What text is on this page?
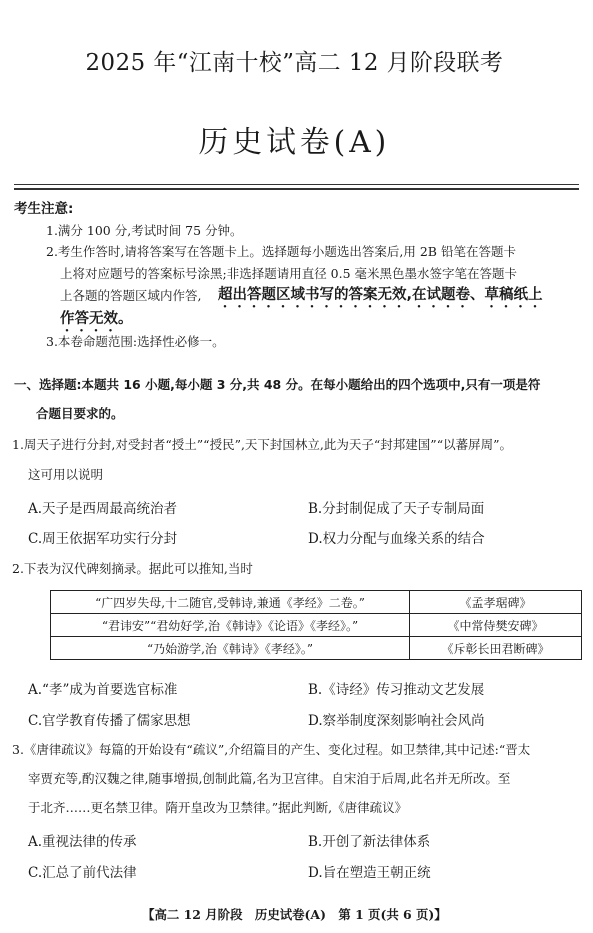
2025 年“江南十校”高二 12 月阶段联考
历史试卷(A)
考生注意:
1.满分 100 分,考试时间 75 分钟。
2.考生作答时,请将答案写在答题卡上。选择题每小题选出答案后,用 2B 铅笔在答题卡
上将对应题号的答案标号涂黑;非选择题请用直径 0.5 毫米黑色墨水签字笔在答题卡
上各题的答题区域内作答, 超出答题区域书写的答案无效,在试题卷、草稿纸上
作答无效。
3.本卷命题范围:选择性必修一。
一、选择题:本题共 16 小题,每小题 3 分,共 48 分。在每小题给出的四个选项中,只有一项是符
合题目要求的。
1.周天子进行分封,对受封者“授土”“授民”,天下封国林立,此为天子“封邦建国”“以蕃屏周”。
这可用以说明
A.天子是西周最高统治者	B.分封制促成了天子专制局面
C.周王依据军功实行分封	D.权力分配与血缘关系的结合
2.下表为汉代碑刻摘录。据此可以推知,当时
“广四岁失母,十二随官,受韩诗,兼通《孝经》二卷。”	《孟孝琚碑》
“君讳安”“君幼好学,治《韩诗》《论语》《孝经》。”	《中常侍樊安碑》
“乃始游学,治《韩诗》《孝经》。”	《斥彰长田君断碑》
A.“孝”成为首要选官标准	B.《诗经》传习推动文艺发展
C.官学教育传播了儒家思想	D.察举制度深刻影响社会风尚
3.《唐律疏议》每篇的开始设有“疏议”,介绍篇目的产生、变化过程。如卫禁律,其中记述:“晋太
宰贾充等,酌汉魏之律,随事增损,创制此篇,名为卫宫律。自宋洎于后周,此名并无所改。至
于北齐……更名禁卫律。隋开皇改为卫禁律。”据此判断,《唐律疏议》
A.重视法律的传承	B.开创了新法律体系
C.汇总了前代法律	D.旨在塑造王朝正统
【高二 12 月阶段　历史试卷(A)　第 1 页(共 6 页)】
